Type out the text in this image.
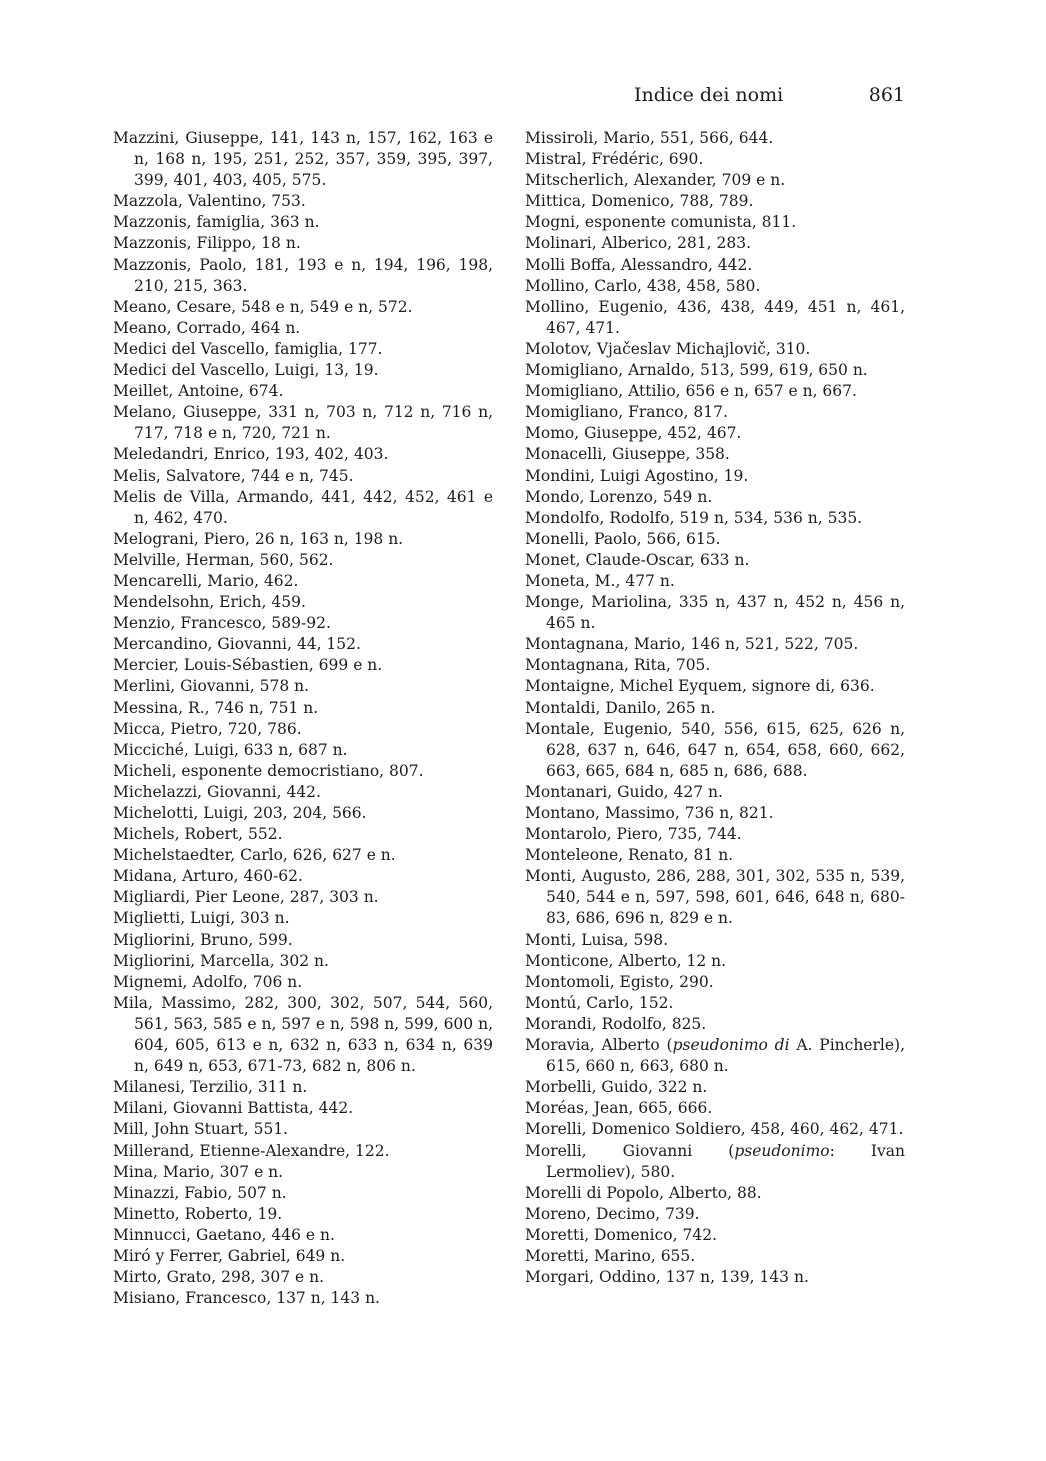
Indice dei nomi	861
Mazzini, Giuseppe, 141, 143 n, 157, 162, 163 e n, 168 n, 195, 251, 252, 357, 359, 395, 397, 399, 401, 403, 405, 575.
Mazzola, Valentino, 753.
Mazzonis, famiglia, 363 n.
Mazzonis, Filippo, 18 n.
Mazzonis, Paolo, 181, 193 e n, 194, 196, 198, 210, 215, 363.
Meano, Cesare, 548 e n, 549 e n, 572.
Meano, Corrado, 464 n.
Medici del Vascello, famiglia, 177.
Medici del Vascello, Luigi, 13, 19.
Meillet, Antoine, 674.
Melano, Giuseppe, 331 n, 703 n, 712 n, 716 n, 717, 718 e n, 720, 721 n.
Meledandri, Enrico, 193, 402, 403.
Melis, Salvatore, 744 e n, 745.
Melis de Villa, Armando, 441, 442, 452, 461 e n, 462, 470.
Melograni, Piero, 26 n, 163 n, 198 n.
Melville, Herman, 560, 562.
Mencarelli, Mario, 462.
Mendelsohn, Erich, 459.
Menzio, Francesco, 589-92.
Mercandino, Giovanni, 44, 152.
Mercier, Louis-Sébastien, 699 e n.
Merlini, Giovanni, 578 n.
Messina, R., 746 n, 751 n.
Micca, Pietro, 720, 786.
Micciché, Luigi, 633 n, 687 n.
Micheli, esponente democristiano, 807.
Michelazzi, Giovanni, 442.
Michelotti, Luigi, 203, 204, 566.
Michels, Robert, 552.
Michelstaedter, Carlo, 626, 627 e n.
Midana, Arturo, 460-62.
Migliardi, Pier Leone, 287, 303 n.
Miglietti, Luigi, 303 n.
Migliorini, Bruno, 599.
Migliorini, Marcella, 302 n.
Mignemi, Adolfo, 706 n.
Mila, Massimo, 282, 300, 302, 507, 544, 560, 561, 563, 585 e n, 597 e n, 598 n, 599, 600 n, 604, 605, 613 e n, 632 n, 633 n, 634 n, 639 n, 649 n, 653, 671-73, 682 n, 806 n.
Milanesi, Terzilio, 311 n.
Milani, Giovanni Battista, 442.
Mill, John Stuart, 551.
Millerand, Etienne-Alexandre, 122.
Mina, Mario, 307 e n.
Minazzi, Fabio, 507 n.
Minetto, Roberto, 19.
Minnucci, Gaetano, 446 e n.
Miró y Ferrer, Gabriel, 649 n.
Mirto, Grato, 298, 307 e n.
Misiano, Francesco, 137 n, 143 n.
Missiroli, Mario, 551, 566, 644.
Mistral, Frédéric, 690.
Mitscherlich, Alexander, 709 e n.
Mittica, Domenico, 788, 789.
Mogni, esponente comunista, 811.
Molinari, Alberico, 281, 283.
Molli Boffa, Alessandro, 442.
Mollino, Carlo, 438, 458, 580.
Mollino, Eugenio, 436, 438, 449, 451 n, 461, 467, 471.
Molotov, Vjačeslav Michajlovič, 310.
Momigliano, Arnaldo, 513, 599, 619, 650 n.
Momigliano, Attilio, 656 e n, 657 e n, 667.
Momigliano, Franco, 817.
Momo, Giuseppe, 452, 467.
Monacelli, Giuseppe, 358.
Mondini, Luigi Agostino, 19.
Mondo, Lorenzo, 549 n.
Mondolfo, Rodolfo, 519 n, 534, 536 n, 535.
Monelli, Paolo, 566, 615.
Monet, Claude-Oscar, 633 n.
Moneta, M., 477 n.
Monge, Mariolina, 335 n, 437 n, 452 n, 456 n, 465 n.
Montagnana, Mario, 146 n, 521, 522, 705.
Montagnana, Rita, 705.
Montaigne, Michel Eyquem, signore di, 636.
Montaldi, Danilo, 265 n.
Montale, Eugenio, 540, 556, 615, 625, 626 n, 628, 637 n, 646, 647 n, 654, 658, 660, 662, 663, 665, 684 n, 685 n, 686, 688.
Montanari, Guido, 427 n.
Montano, Massimo, 736 n, 821.
Montarolo, Piero, 735, 744.
Monteleone, Renato, 81 n.
Monti, Augusto, 286, 288, 301, 302, 535 n, 539, 540, 544 e n, 597, 598, 601, 646, 648 n, 680-83, 686, 696 n, 829 e n.
Monti, Luisa, 598.
Monticone, Alberto, 12 n.
Montomoli, Egisto, 290.
Montú, Carlo, 152.
Morandi, Rodolfo, 825.
Moravia, Alberto (pseudonimo di A. Pincherle), 615, 660 n, 663, 680 n.
Morbelli, Guido, 322 n.
Moréas, Jean, 665, 666.
Morelli, Domenico Soldiero, 458, 460, 462, 471.
Morelli, Giovanni (pseudonimo: Ivan Lermoliev), 580.
Morelli di Popolo, Alberto, 88.
Moreno, Decimo, 739.
Moretti, Domenico, 742.
Moretti, Marino, 655.
Morgari, Oddino, 137 n, 139, 143 n.
